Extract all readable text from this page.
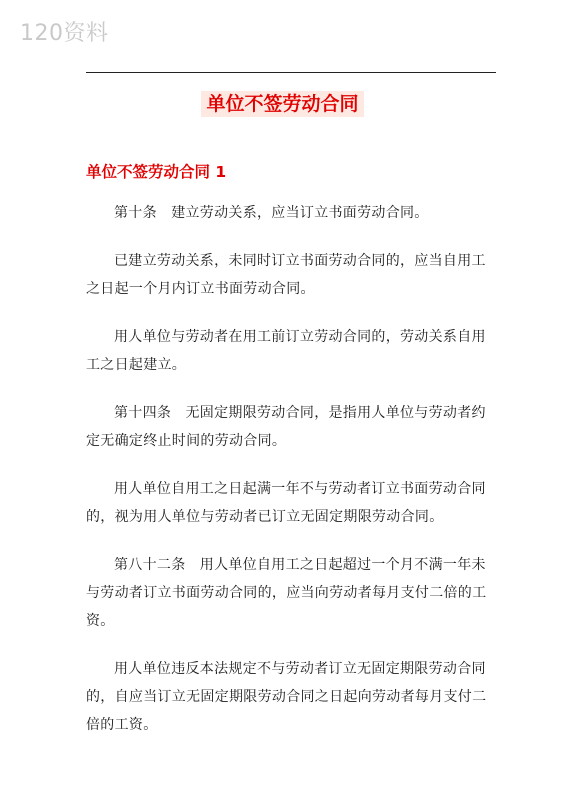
120资料
单位不签劳动合同
单位不签劳动合同 1

第十条　建立劳动关系，应当订立书面劳动合同。

已建立劳动关系，未同时订立书面劳动合同的，应当自用工之日起一个月内订立书面劳动合同。

用人单位与劳动者在用工前订立劳动合同的，劳动关系自用工之日起建立。

第十四条　无固定期限劳动合同，是指用人单位与劳动者约定无确定终止时间的劳动合同。

用人单位自用工之日起满一年不与劳动者订立书面劳动合同的，视为用人单位与劳动者已订立无固定期限劳动合同。

第八十二条　用人单位自用工之日起超过一个月不满一年未与劳动者订立书面劳动合同的，应当向劳动者每月支付二倍的工资。

用人单位违反本法规定不与劳动者订立无固定期限劳动合同的，自应当订立无固定期限劳动合同之日起向劳动者每月支付二倍的工资。
